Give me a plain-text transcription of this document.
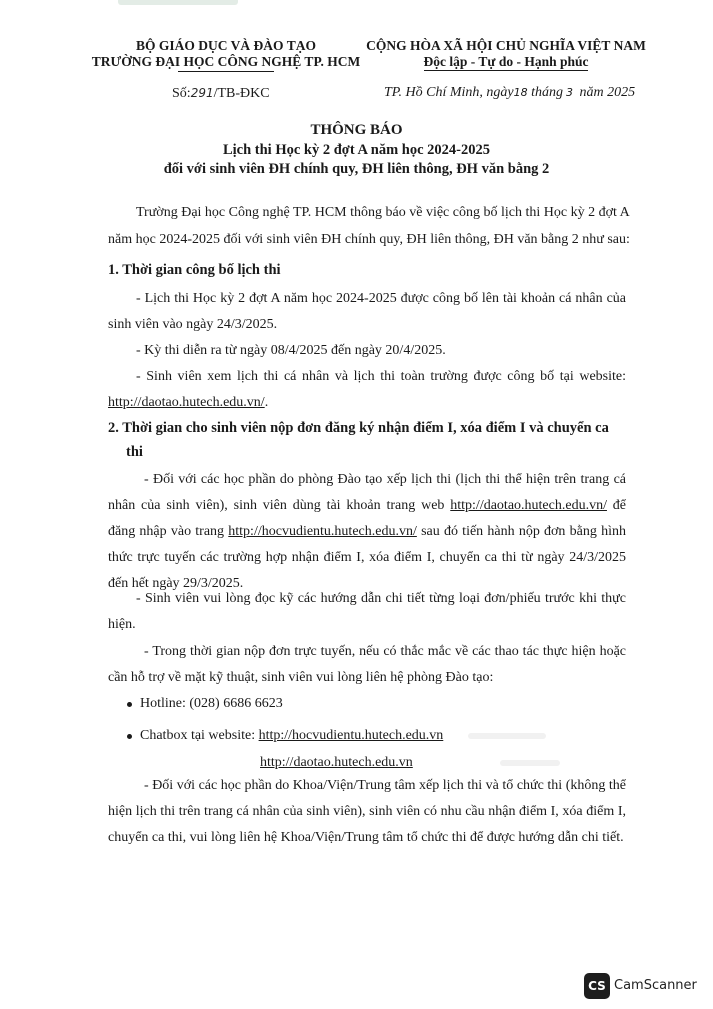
BỘ GIÁO DỤC VÀ ĐÀO TẠO
TRƯỜNG ĐẠI HỌC CÔNG NGHỆ TP. HCM
CỘNG HÒA XÃ HỘI CHỦ NGHĨA VIỆT NAM
Độc lập - Tự do - Hạnh phúc
Số:291/TB-ĐKC	TP. Hồ Chí Minh, ngày18 tháng 3 năm 2025
THÔNG BÁO
Lịch thi Học kỳ 2 đợt A năm học 2024-2025
đối với sinh viên ĐH chính quy, ĐH liên thông, ĐH văn bằng 2
Trường Đại học Công nghệ TP. HCM thông báo về việc công bố lịch thi Học kỳ 2 đợt A
năm học 2024-2025 đối với sinh viên ĐH chính quy, ĐH liên thông, ĐH văn bằng 2 như sau:
1. Thời gian công bố lịch thi
- Lịch thi Học kỳ 2 đợt A năm học 2024-2025 được công bố lên tài khoản cá nhân của sinh viên vào ngày 24/3/2025.
- Kỳ thi diễn ra từ ngày 08/4/2025 đến ngày 20/4/2025.
- Sinh viên xem lịch thi cá nhân và lịch thi toàn trường được công bố tại website: http://daotao.hutech.edu.vn/.
2. Thời gian cho sinh viên nộp đơn đăng ký nhận điểm I, xóa điểm I và chuyển ca
thi
- Đối với các học phần do phòng Đào tạo xếp lịch thi (lịch thi thể hiện trên trang cá nhân của sinh viên), sinh viên dùng tài khoản trang web http://daotao.hutech.edu.vn/ để đăng nhập vào trang http://hocvudientu.hutech.edu.vn/ sau đó tiến hành nộp đơn bằng hình thức trực tuyến các trường hợp nhận điểm I, xóa điểm I, chuyển ca thi từ ngày 24/3/2025 đến hết ngày 29/3/2025.
- Sinh viên vui lòng đọc kỹ các hướng dẫn chi tiết từng loại đơn/phiếu trước khi thực hiện.
- Trong thời gian nộp đơn trực tuyến, nếu có thắc mắc về các thao tác thực hiện hoặc cần hỗ trợ về mặt kỹ thuật, sinh viên vui lòng liên hệ phòng Đào tạo:
Hotline: (028) 6686 6623
Chatbox tại website: http://hocvudientu.hutech.edu.vn
http://daotao.hutech.edu.vn
- Đối với các học phần do Khoa/Viện/Trung tâm xếp lịch thi và tổ chức thi (không thể hiện lịch thi trên trang cá nhân của sinh viên), sinh viên có nhu cầu nhận điểm I, xóa điểm I, chuyển ca thi, vui lòng liên hệ Khoa/Viện/Trung tâm tổ chức thi để được hướng dẫn chi tiết.
CS CamScanner
